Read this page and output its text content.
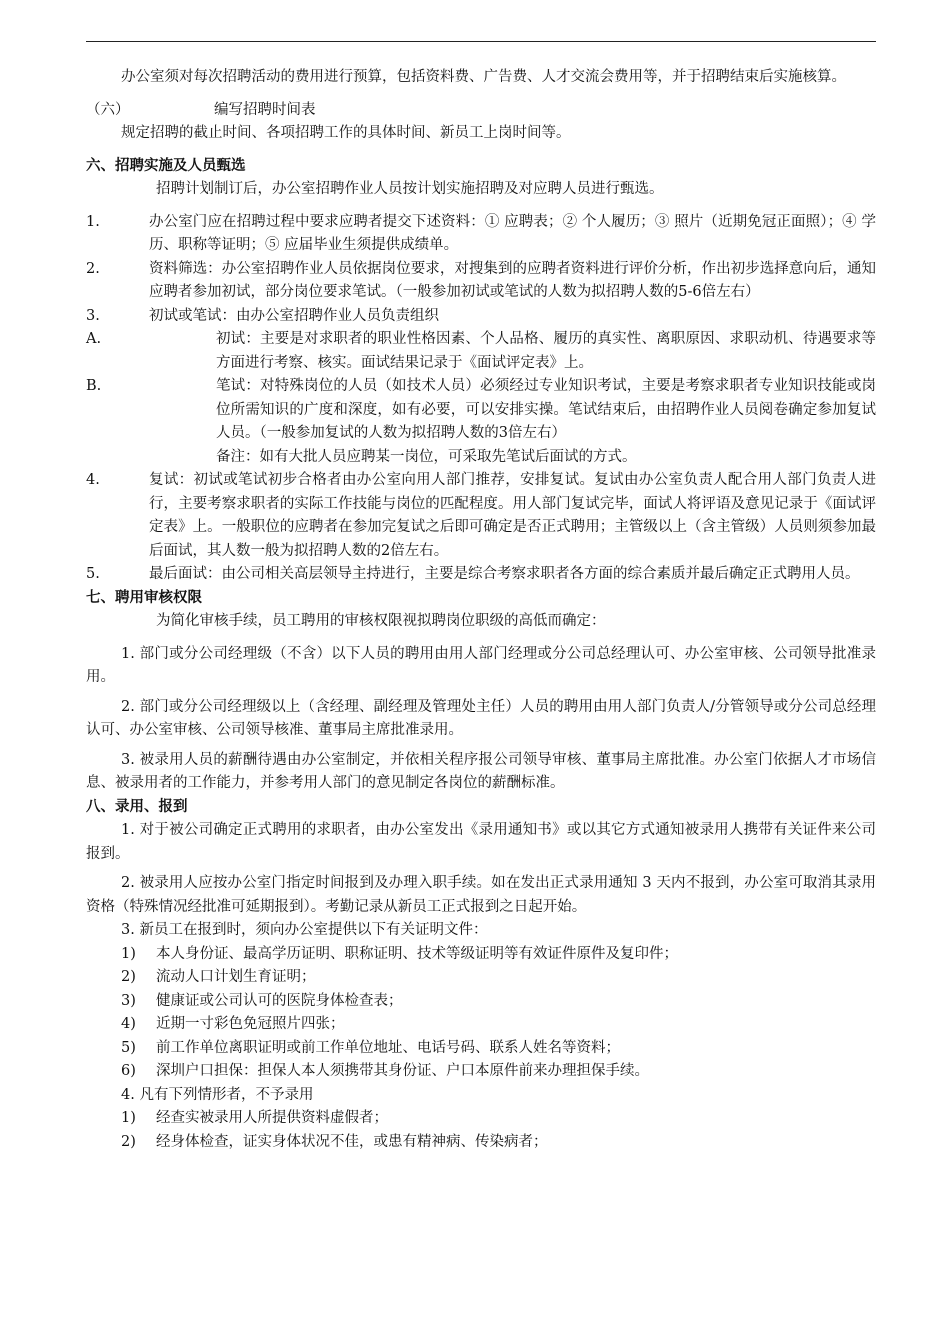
办公室须对每次招聘活动的费用进行预算，包括资料费、广告费、人才交流会费用等，并于招聘结束后实施核算。

（六）	编写招聘时间表

规定招聘的截止时间、各项招聘工作的具体时间、新员工上岗时间等。

六、招聘实施及人员甄选

招聘计划制订后，办公室招聘作业人员按计划实施招聘及对应聘人员进行甄选。

1.	办公室门应在招聘过程中要求应聘者提交下述资料：① 应聘表；② 个人履历；③ 照片（近期免冠正面照）；④ 学历、职称等证明；⑤ 应届毕业生须提供成绩单。
2.	资料筛选：办公室招聘作业人员依据岗位要求，对搜集到的应聘者资料进行评价分析，作出初步选择意向后，通知应聘者参加初试，部分岗位要求笔试。（一般参加初试或笔试的人数为拟招聘人数的5-6倍左右）
3.	初试或笔试：由办公室招聘作业人员负责组织
A.	初试：主要是对求职者的职业性格因素、个人品格、履历的真实性、离职原因、求职动机、待遇要求等方面进行考察、核实。面试结果记录于《面试评定表》上。
B.	笔试：对特殊岗位的人员（如技术人员）必须经过专业知识考试，主要是考察求职者专业知识技能或岗位所需知识的广度和深度，如有必要，可以安排实操。笔试结束后，由招聘作业人员阅卷确定参加复试人员。（一般参加复试的人数为拟招聘人数的3倍左右）

备注：如有大批人员应聘某一岗位，可采取先笔试后面试的方式。

4.	复试：初试或笔试初步合格者由办公室向用人部门推荐，安排复试。复试由办公室负责人配合用人部门负责人进行，主要考察求职者的实际工作技能与岗位的匹配程度。用人部门复试完毕，面试人将评语及意见记录于《面试评定表》上。一般职位的应聘者在参加完复试之后即可确定是否正式聘用；主管级以上（含主管级）人员则须参加最后面试，其人数一般为拟招聘人数的2倍左右。
5.	最后面试：由公司相关高层领导主持进行，主要是综合考察求职者各方面的综合素质并最后确定正式聘用人员。

七、聘用审核权限

为简化审核手续，员工聘用的审核权限视拟聘岗位职级的高低而确定：

1. 部门或分公司经理级（不含）以下人员的聘用由用人部门经理或分公司总经理认可、办公室审核、公司领导批准录用。

2. 部门或分公司经理级以上（含经理、副经理及管理处主任）人员的聘用由用人部门负责人/分管领导或分公司总经理认可、办公室审核、公司领导核准、董事局主席批准录用。

3. 被录用人员的薪酬待遇由办公室制定，并依相关程序报公司领导审核、董事局主席批准。办公室门依据人才市场信息、被录用者的工作能力，并参考用人部门的意见制定各岗位的薪酬标准。

八、录用、报到

1. 对于被公司确定正式聘用的求职者，由办公室发出《录用通知书》或以其它方式通知被录用人携带有关证件来公司报到。

2. 被录用人应按办公室门指定时间报到及办理入职手续。如在发出正式录用通知 3 天内不报到，办公室可取消其录用资格（特殊情况经批准可延期报到）。考勤记录从新员工正式报到之日起开始。

3. 新员工在报到时，须向办公室提供以下有关证明文件：

1)	本人身份证、最高学历证明、职称证明、技术等级证明等有效证件原件及复印件；
2)	流动人口计划生育证明；
3)	健康证或公司认可的医院身体检查表；
4)	近期一寸彩色免冠照片四张；
5)	前工作单位离职证明或前工作单位地址、电话号码、联系人姓名等资料；
6)	深圳户口担保：担保人本人须携带其身份证、户口本原件前来办理担保手续。

4. 凡有下列情形者，不予录用

1)	经查实被录用人所提供资料虚假者；
2)	经身体检查，证实身体状况不佳，或患有精神病、传染病者；
